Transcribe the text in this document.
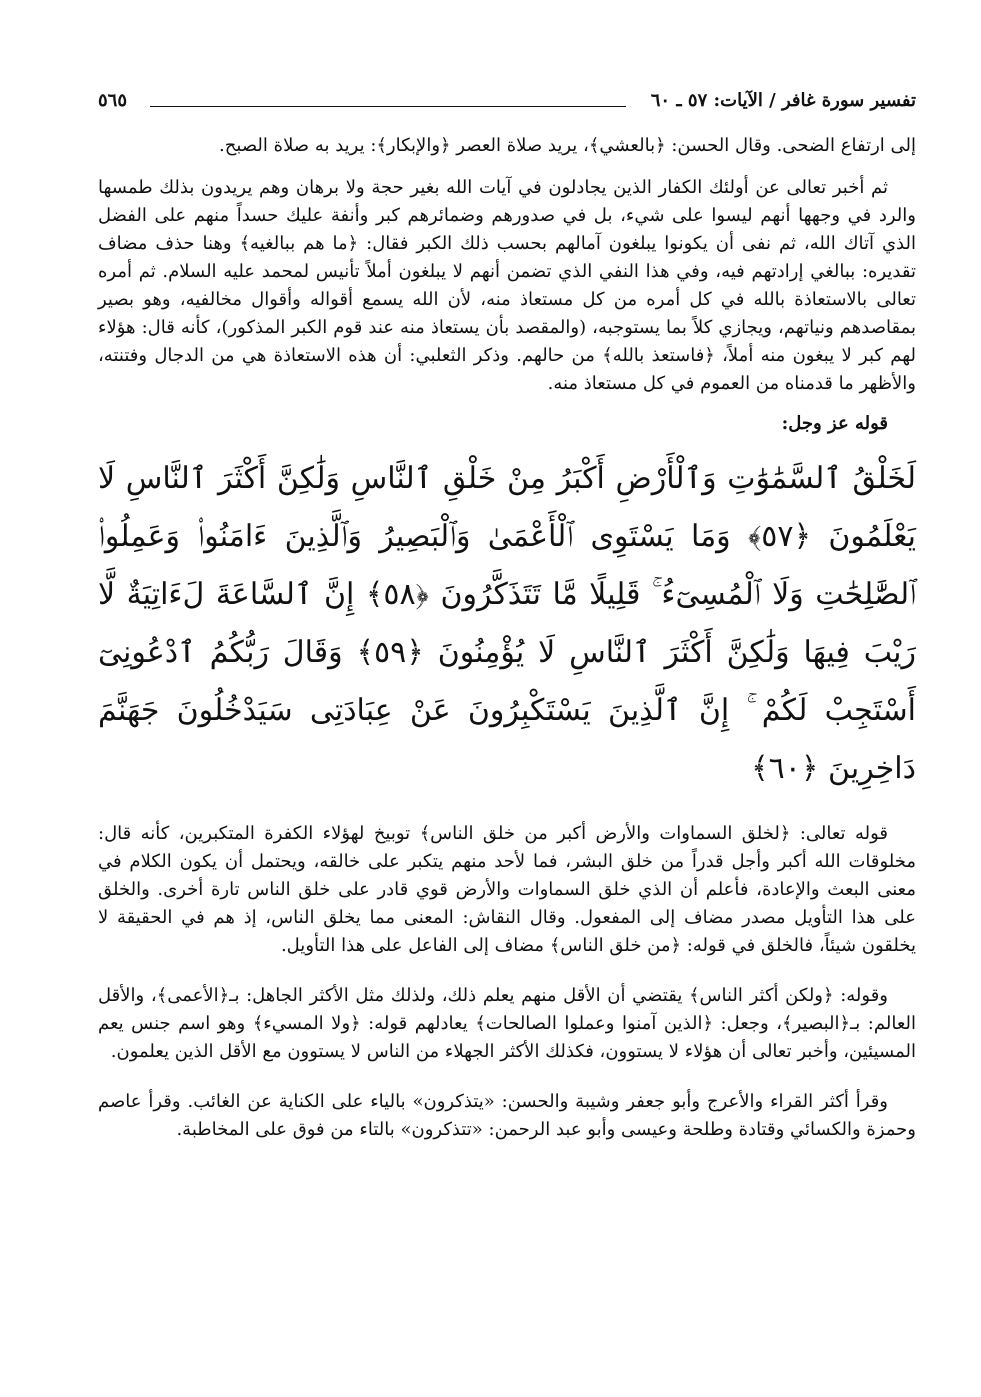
تفسير سورة غافر / الآيات: ٥٧ ـ ٦٠
٥٦٥

إلى ارتفاع الضحى. وقال الحسن: ﴿بالعشي﴾، يريد صلاة العصر ﴿والإبكار﴾: يريد به صلاة الصبح.

ثم أخبر تعالى عن أولئك الكفار الذين يجادلون في آيات الله بغير حجة ولا برهان وهم يريدون بذلك طمسها والرد في وجهها أنهم ليسوا على شيء، بل في صدورهم وضمائرهم كبر وأنفة عليك حسداً منهم على الفضل الذي آتاك الله، ثم نفى أن يكونوا يبلغون آمالهم بحسب ذلك الكبر فقال: ﴿ما هم ببالغيه﴾ وهنا حذف مضاف تقديره: ببالغي إرادتهم فيه، وفي هذا النفي الذي تضمن أنهم لا يبلغون أملاً تأنيس لمحمد عليه السلام. ثم أمره تعالى بالاستعاذة بالله في كل أمره من كل مستعاذ منه، لأن الله يسمع أقواله وأقوال مخالفيه، وهو بصير بمقاصدهم ونياتهم، ويجازي كلاً بما يستوجبه، (والمقصد بأن يستعاذ منه عند قوم الكبر المذكور)، كأنه قال: هؤلاء لهم كبر لا يبغون منه أملاً، ﴿فاستعذ بالله﴾ من حالهم. وذكر الثعلبي: أن هذه الاستعاذة هي من الدجال وفتنته، والأظهر ما قدمناه من العموم في كل مستعاذ منه.

قوله عز وجل:
لَخَلْقُ ٱلسَّمَٰوَٰتِ وَٱلْأَرْضِ أَكْبَرُ مِنْ خَلْقِ ٱلنَّاسِ وَلَٰكِنَّ أَكْثَرَ ٱلنَّاسِ لَا يَعْلَمُونَ ﴿٥٧﴾ وَمَا يَسْتَوِى ٱلْأَعْمَىٰ وَٱلْبَصِيرُ وَٱلَّذِينَ ءَامَنُوا۟ وَعَمِلُوا۟ ٱلصَّٰلِحَٰتِ وَلَا ٱلْمُسِىٓءُ ۚ قَلِيلًا مَّا تَتَذَكَّرُونَ ﴿٥٨﴾ إِنَّ ٱلسَّاعَةَ لَءَاتِيَةٌ لَّا رَيْبَ فِيهَا وَلَٰكِنَّ أَكْثَرَ ٱلنَّاسِ لَا يُؤْمِنُونَ ﴿٥٩﴾ وَقَالَ رَبُّكُمُ ٱدْعُونِىٓ أَسْتَجِبْ لَكُمْ ۚ إِنَّ ٱلَّذِينَ يَسْتَكْبِرُونَ عَنْ عِبَادَتِى سَيَدْخُلُونَ جَهَنَّمَ دَاخِرِينَ ﴿٦٠﴾

قوله تعالى: ﴿لخلق السماوات والأرض أكبر من خلق الناس﴾ توبيخ لهؤلاء الكفرة المتكبرين، كأنه قال: مخلوقات الله أكبر وأجل قدراً من خلق البشر، فما لأحد منهم يتكبر على خالقه، ويحتمل أن يكون الكلام في معنى البعث والإعادة، فأعلم أن الذي خلق السماوات والأرض قوي قادر على خلق الناس تارة أخرى. والخلق على هذا التأويل مصدر مضاف إلى المفعول. وقال النقاش: المعنى مما يخلق الناس، إذ هم في الحقيقة لا يخلقون شيئاً، فالخلق في قوله: ﴿من خلق الناس﴾ مضاف إلى الفاعل على هذا التأويل.

وقوله: ﴿ولكن أكثر الناس﴾ يقتضي أن الأقل منهم يعلم ذلك، ولذلك مثل الأكثر الجاهل: بـ﴿الأعمى﴾، والأقل العالم: بـ﴿البصير﴾، وجعل: ﴿الذين آمنوا وعملوا الصالحات﴾ يعادلهم قوله: ﴿ولا المسيء﴾ وهو اسم جنس يعم المسيئين، وأخبر تعالى أن هؤلاء لا يستوون، فكذلك الأكثر الجهلاء من الناس لا يستوون مع الأقل الذين يعلمون.

وقرأ أكثر القراء والأعرج وأبو جعفر وشيبة والحسن: «يتذكرون» بالياء على الكناية عن الغائب. وقرأ عاصم وحمزة والكسائي وقتادة وطلحة وعيسى وأبو عبد الرحمن: «تتذكرون» بالتاء من فوق على المخاطبة.
